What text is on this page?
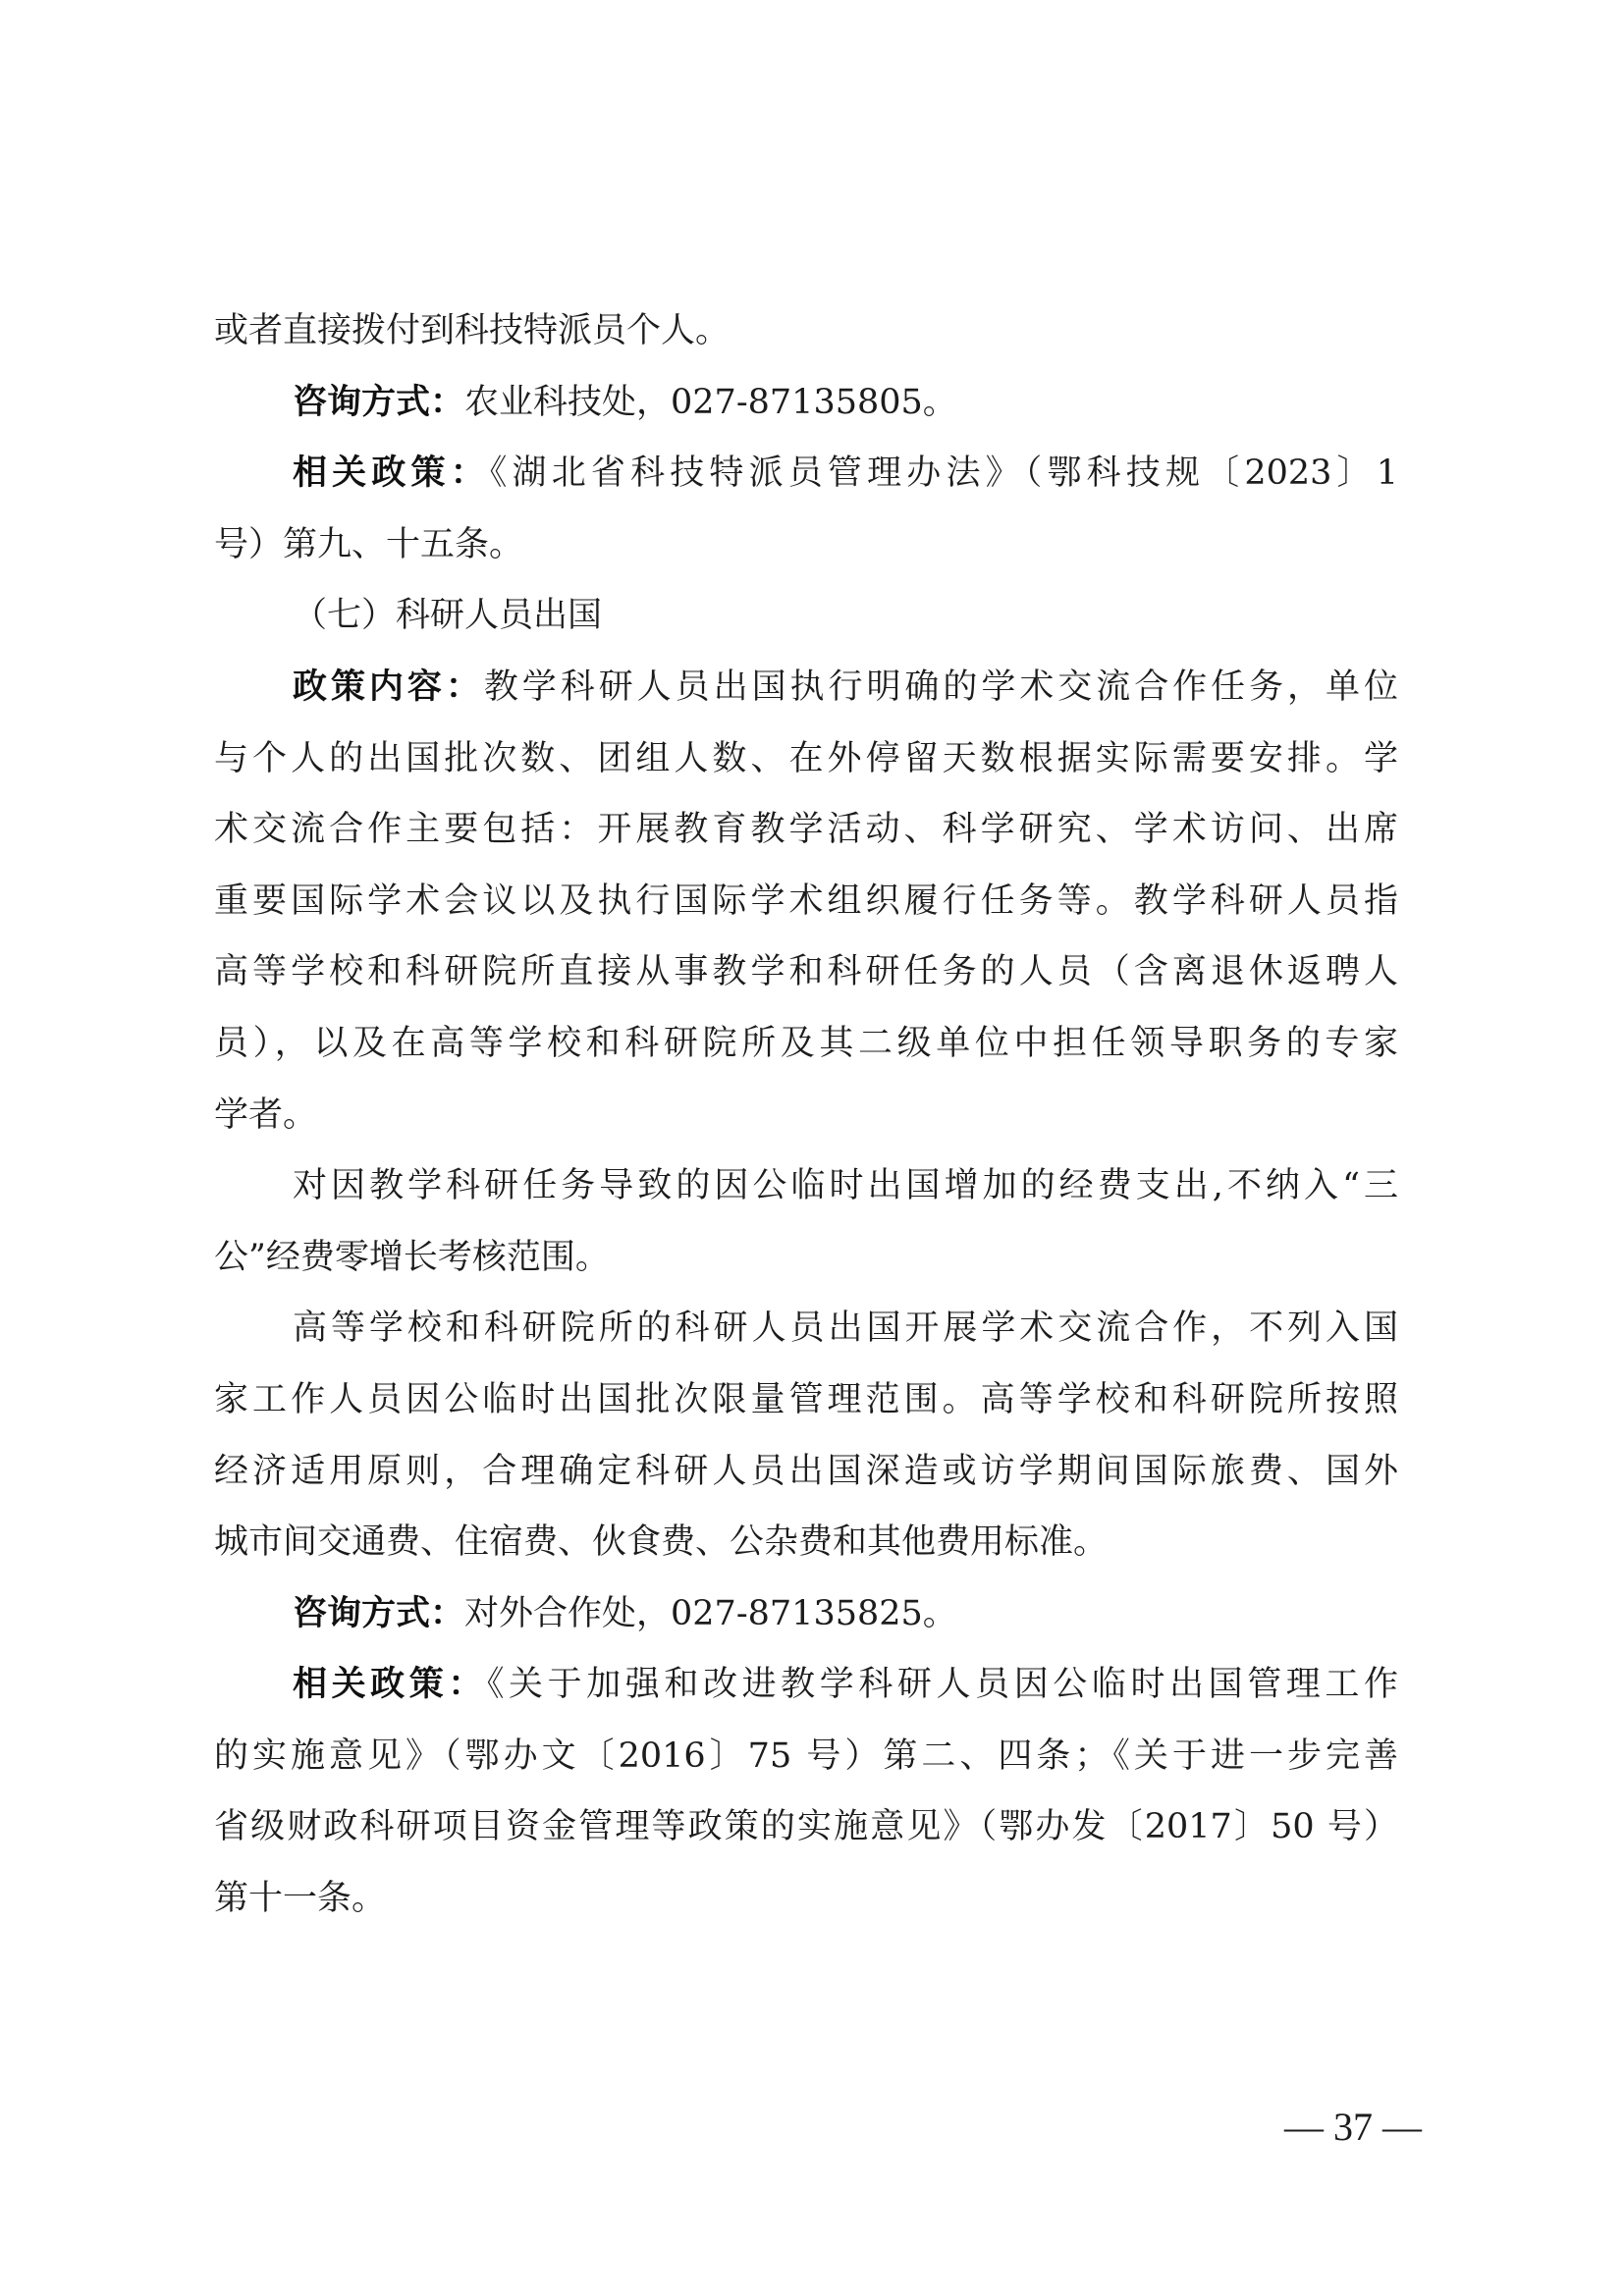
或者直接拨付到科技特派员个人。
咨询方式：农业科技处，027-87135805。
相关政策：《湖北省科技特派员管理办法》（鄂科技规〔2023〕1
号）第九、十五条。
（七）科研人员出国
政策内容：教学科研人员出国执行明确的学术交流合作任务，单位
与个人的出国批次数、团组人数、在外停留天数根据实际需要安排。学
术交流合作主要包括：开展教育教学活动、科学研究、学术访问、出席
重要国际学术会议以及执行国际学术组织履行任务等。教学科研人员指
高等学校和科研院所直接从事教学和科研任务的人员（含离退休返聘人
员），以及在高等学校和科研院所及其二级单位中担任领导职务的专家
学者。
对因教学科研任务导致的因公临时出国增加的经费支出,不纳入“三
公”经费零增长考核范围。
高等学校和科研院所的科研人员出国开展学术交流合作，不列入国
家工作人员因公临时出国批次限量管理范围。高等学校和科研院所按照
经济适用原则，合理确定科研人员出国深造或访学期间国际旅费、国外
城市间交通费、住宿费、伙食费、公杂费和其他费用标准。
咨询方式：对外合作处，027-87135825。
相关政策：《关于加强和改进教学科研人员因公临时出国管理工作
的实施意见》（鄂办文〔2016〕75 号）第二、四条；《关于进一步完善
省级财政科研项目资金管理等政策的实施意见》（鄂办发〔2017〕50 号）
第十一条。
— 37 —
